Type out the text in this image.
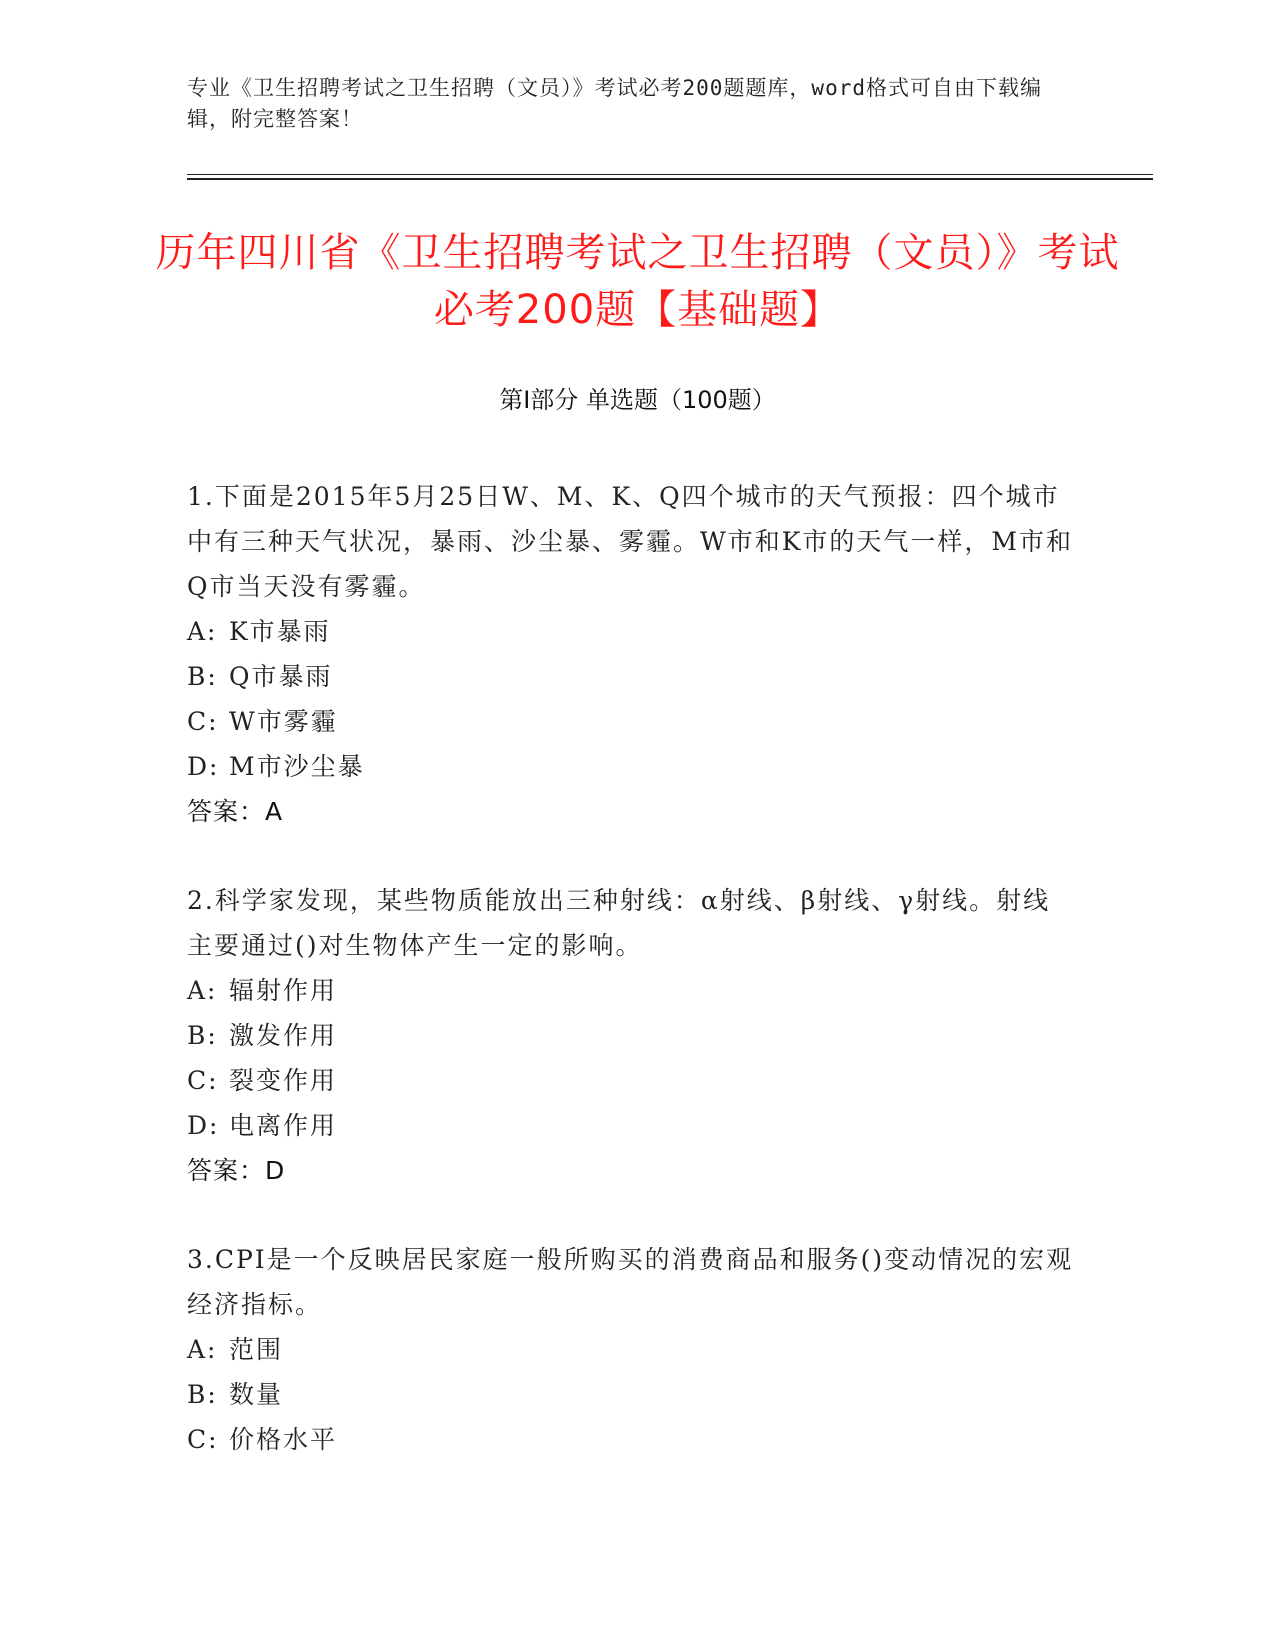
专业《卫生招聘考试之卫生招聘（文员）》考试必考200题题库，word格式可自由下载编辑，附完整答案！
历年四川省《卫生招聘考试之卫生招聘（文员）》考试必考200题【基础题】
第I部分 单选题（100题）

1.下面是2015年5月25日W、M、K、Q四个城市的天气预报：四个城市中有三种天气状况，暴雨、沙尘暴、雾霾。W市和K市的天气一样，M市和Q市当天没有雾霾。

A: K市暴雨
B: Q市暴雨
C: W市雾霾
D: M市沙尘暴
答案：A

2.科学家发现，某些物质能放出三种射线：α射线、β射线、γ射线。射线主要通过()对生物体产生一定的影响。

A: 辐射作用
B: 激发作用
C: 裂变作用
D: 电离作用
答案：D

3.CPI是一个反映居民家庭一般所购买的消费商品和服务()变动情况的宏观经济指标。

A: 范围
B: 数量
C: 价格水平
